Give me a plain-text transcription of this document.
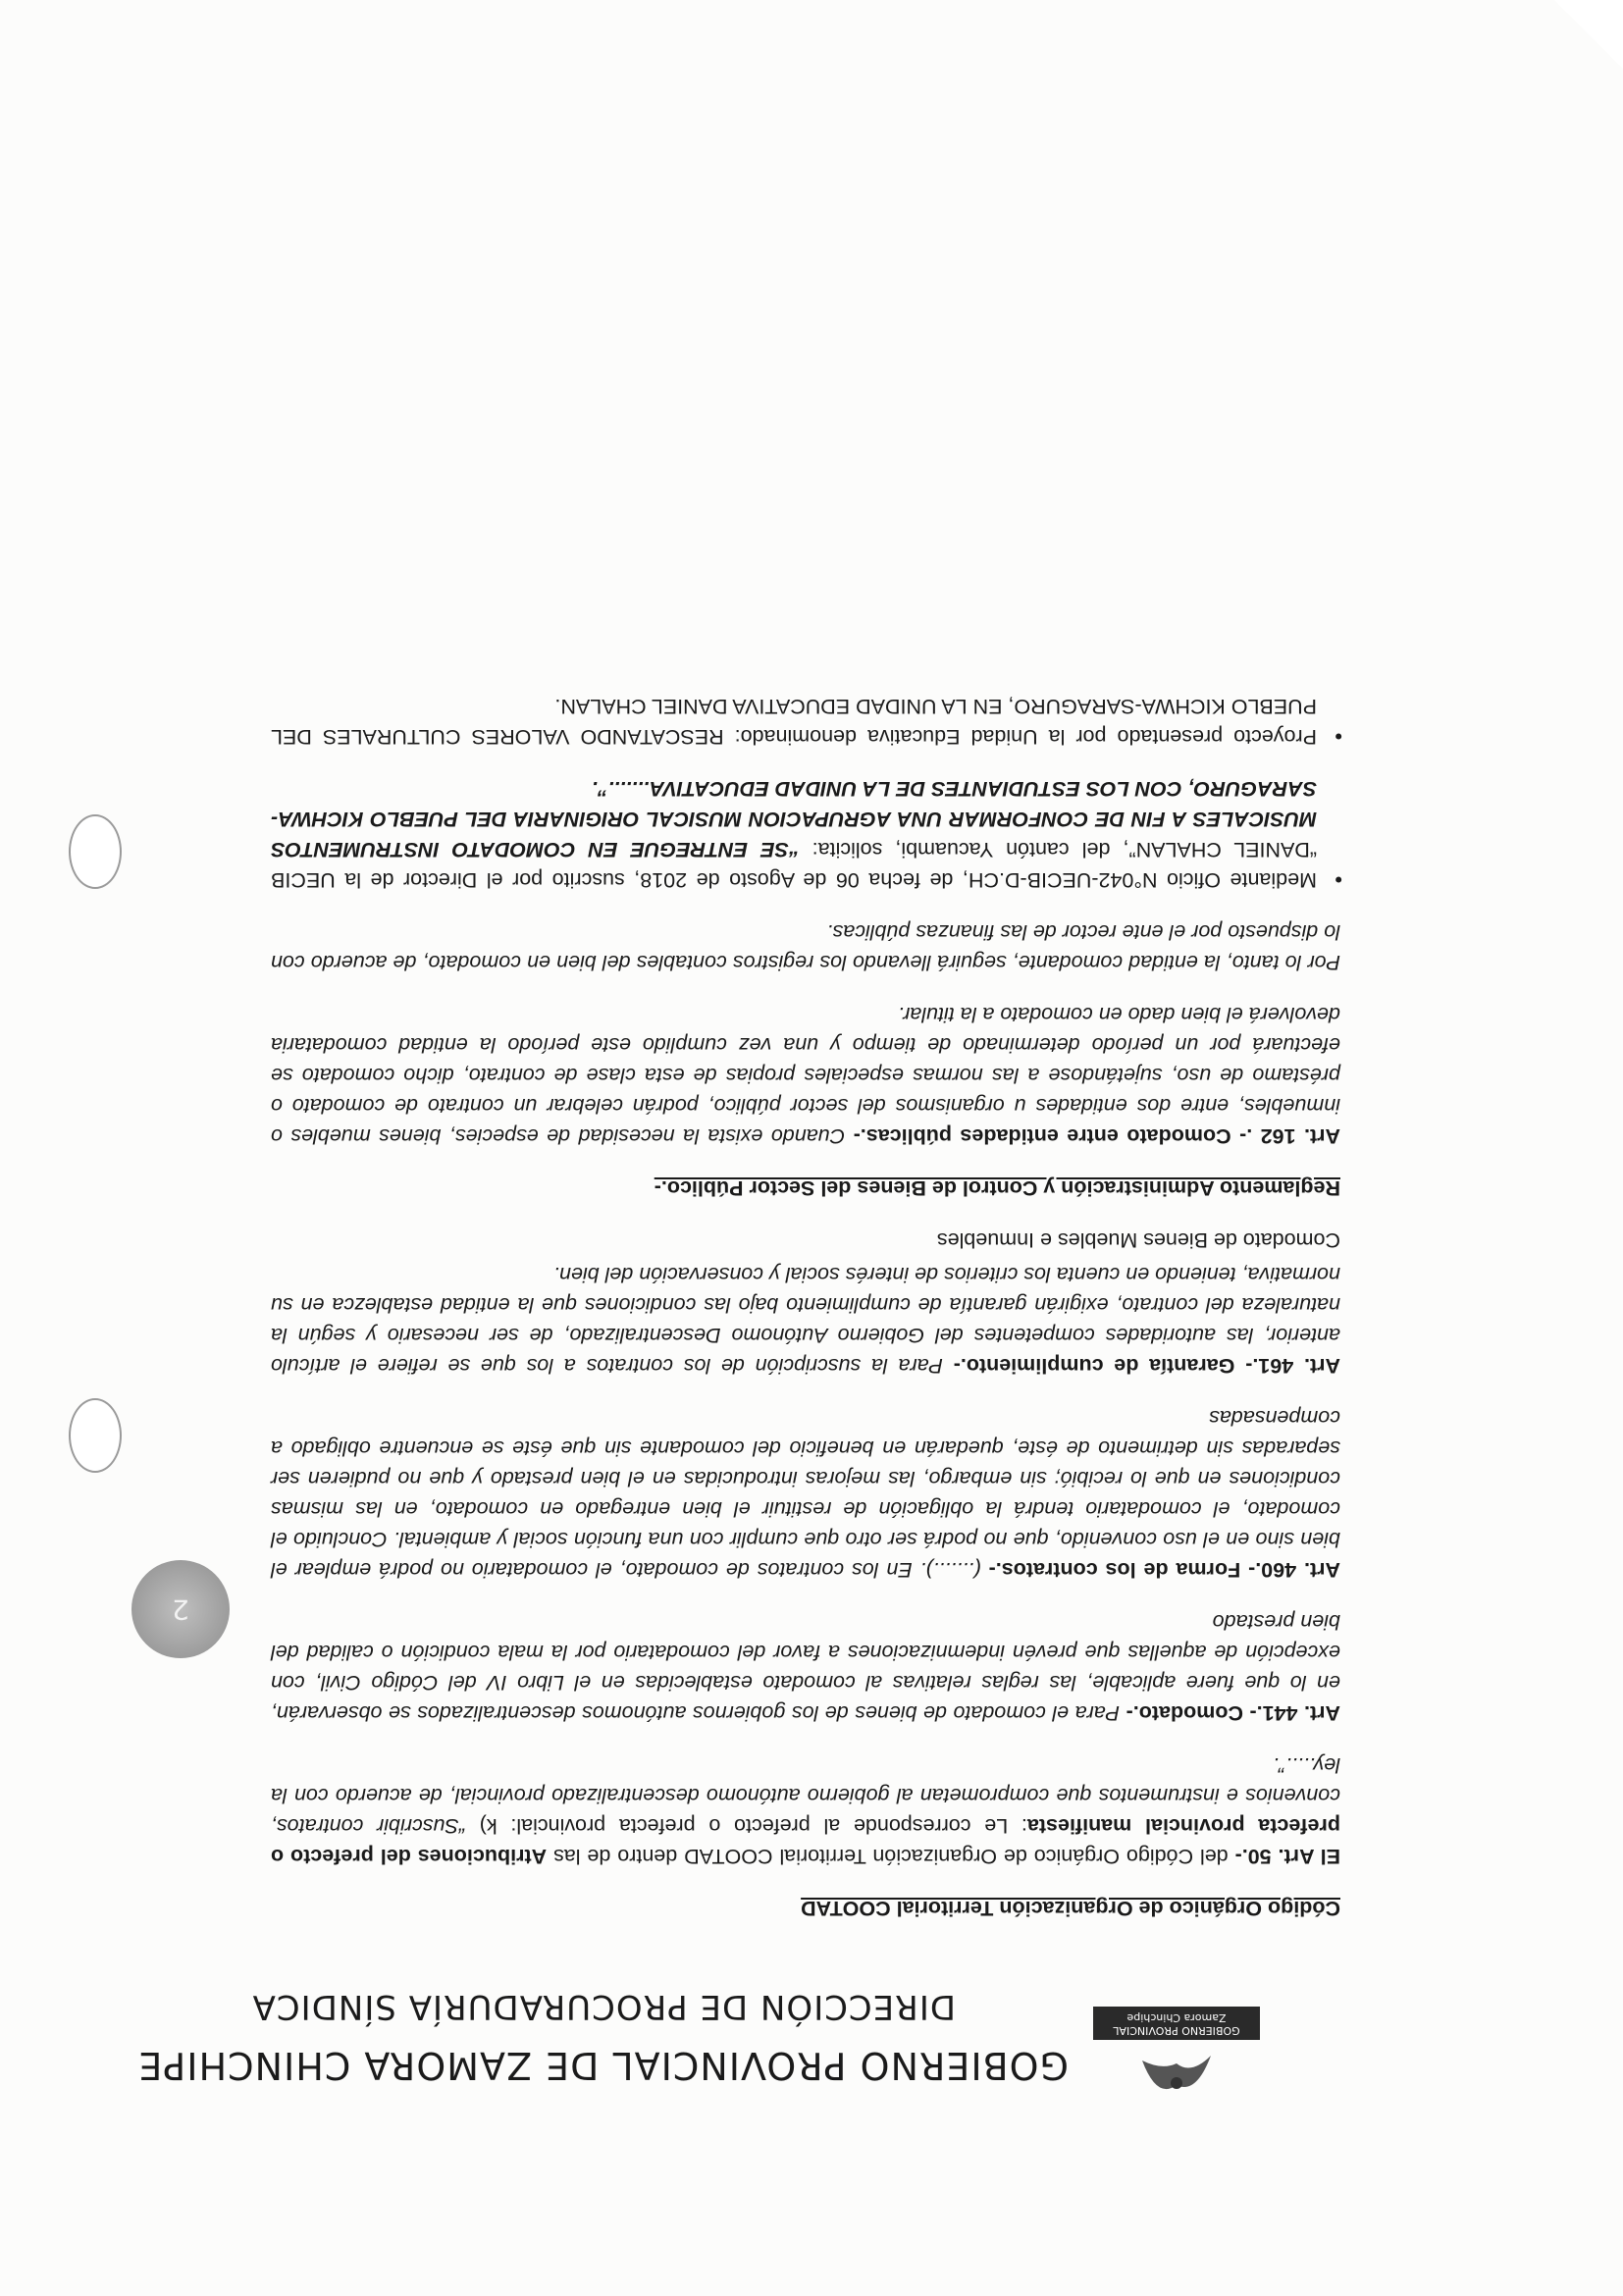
GOBIERNO PROVINCIAL Zamora Chinchipe
GOBIERNO PROVINCIAL DE ZAMORA CHINCHIPE
DIRECCIÓN DE PROCURADURÍA SÍNDICA
Código Orgánico de Organización Territorial COOTAD

El Art. 50.- del Código Orgánico de Organización Territorial COOTAD dentro de las Atribuciones del prefecto o prefecta provincial manifiesta: Le corresponde al prefecto o prefecta provincial: k) “Suscribir contratos, convenios e instrumentos que comprometan al gobierno autónomo descentralizado provincial, de acuerdo con la ley.....”.

Art. 441.- Comodato.- Para el comodato de bienes de los gobiernos autónomos descentralizados se observarán, en lo que fuere aplicable, las reglas relativas al comodato establecidas en el Libro IV del Código Civil, con excepción de aquellas que prevén indemnizaciones a favor del comodatario por la mala condición o calidad del bien prestado

Art. 460.- Forma de los contratos.- (.......). En los contratos de comodato, el comodatario no podrá emplear el bien sino en el uso convenido, que no podrá ser otro que cumplir con una función social y ambiental. Concluido el comodato, el comodatario tendrá la obligación de restituir el bien entregado en comodato, en las mismas condiciones en que lo recibió; sin embargo, las mejoras introducidas en el bien prestado y que no pudieren ser separadas sin detrimento de éste, quedarán en beneficio del comodante sin que éste se encuentre obligado a compensadas

Art. 461.- Garantía de cumplimiento.- Para la suscripción de los contratos a los que se refiere el artículo anterior, las autoridades competentes del Gobierno Autónomo Descentralizado, de ser necesario y según la naturaleza del contrato, exigirán garantía de cumplimiento bajo las condiciones que la entidad establezca en su normativa, teniendo en cuenta los criterios de interés social y conservación del bien.

Comodato de Bienes Muebles e Inmuebles

Reglamento Administración y Control de Bienes del Sector Público.-

Art. 162 .- Comodato entre entidades públicas.- Cuando exista la necesidad de especies, bienes muebles o inmuebles, entre dos entidades u organismos del sector público, podrán celebrar un contrato de comodato o préstamo de uso, sujetándose a las normas especiales propias de esta clase de contrato, dicho comodato se efectuará por un período determinado de tiempo y una vez cumplido este período la entidad comodataria devolverá el bien dado en comodato a la titular.

Por lo tanto, la entidad comodante, seguirá llevando los registros contables del bien en comodato, de acuerdo con lo dispuesto por el ente rector de las finanzas públicas.

• Mediante Oficio N°042-UECIB-D.CH, de fecha 06 de Agosto de 2018, suscrito por el Director de la UECIB “DANIEL CHALAN”, del cantón Yacuambi, solicita: “SE ENTREGUE EN COMODATO INSTRUMENTOS MUSICALES A FIN DE CONFORMAR UNA AGRUPACION MUSICAL ORIGINARIA DEL PUEBLO KICHWA- SARAGURO, CON LOS ESTUDIANTES DE LA UNIDAD EDUCATIVA.......”.
• Proyecto presentado por la Unidad Educativa denominado: RESCATANDO VALORES CULTURALES DEL PUEBLO KICHWA-SARAGURO, EN LA UNIDAD EDUCATIVA DANIEL CHALAN.
2
